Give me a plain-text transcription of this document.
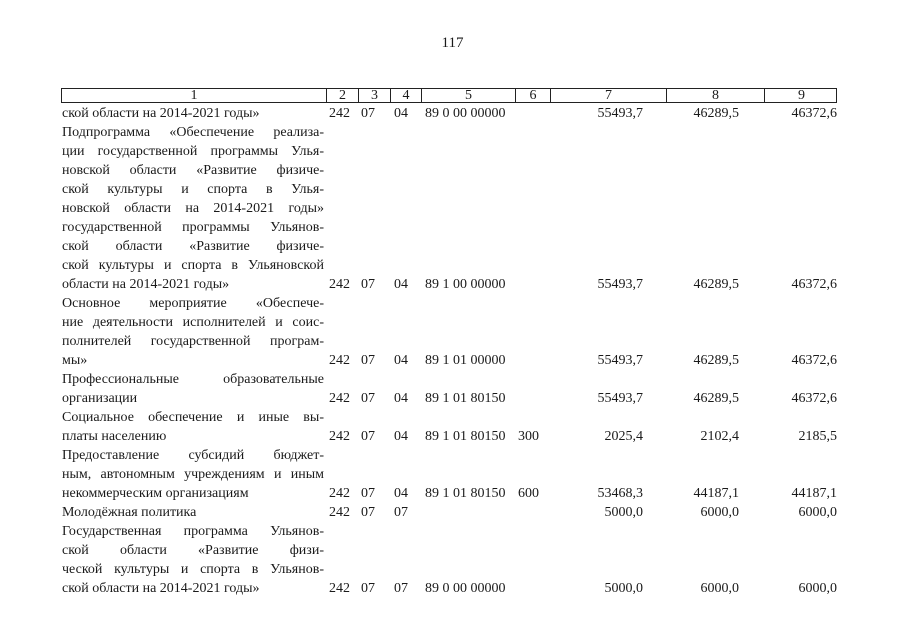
117
1	2	3	4	5	6	7	8	9
ской области на 2014-2021 годы»	242 07 04 89 0 00 00000	55493,7	46289,5	46372,6
Подпрограмма «Обеспечение реализа-
ции государственной программы Улья-
новской области «Развитие физиче-
ской культуры и спорта в Улья-
новской области на 2014-2021 годы»
государственной программы Ульянов-
ской области «Развитие физиче-
ской культуры и спорта в Ульяновской
области на 2014-2021 годы»	242 07 04 89 1 00 00000	55493,7	46289,5	46372,6
Основное мероприятие «Обеспече-
ние деятельности исполнителей и соис-
полнителей государственной програм-
мы»	242 07 04 89 1 01 00000	55493,7	46289,5	46372,6
Профессиональные образовательные
организации	242 07 04 89 1 01 80150	55493,7	46289,5	46372,6
Социальное обеспечение и иные вы-
платы населению	242 07 04 89 1 01 80150 300	2025,4	2102,4	2185,5
Предоставление субсидий бюджет-
ным, автономным учреждениям и иным
некоммерческим организациям	242 07 04 89 1 01 80150 600	53468,3	44187,1	44187,1
Молодёжная политика	242 07 07	5000,0	6000,0	6000,0
Государственная программа Ульянов-
ской области «Развитие физи-
ческой культуры и спорта в Ульянов-
ской области на 2014-2021 годы»	242 07 07 89 0 00 00000	5000,0	6000,0	6000,0
